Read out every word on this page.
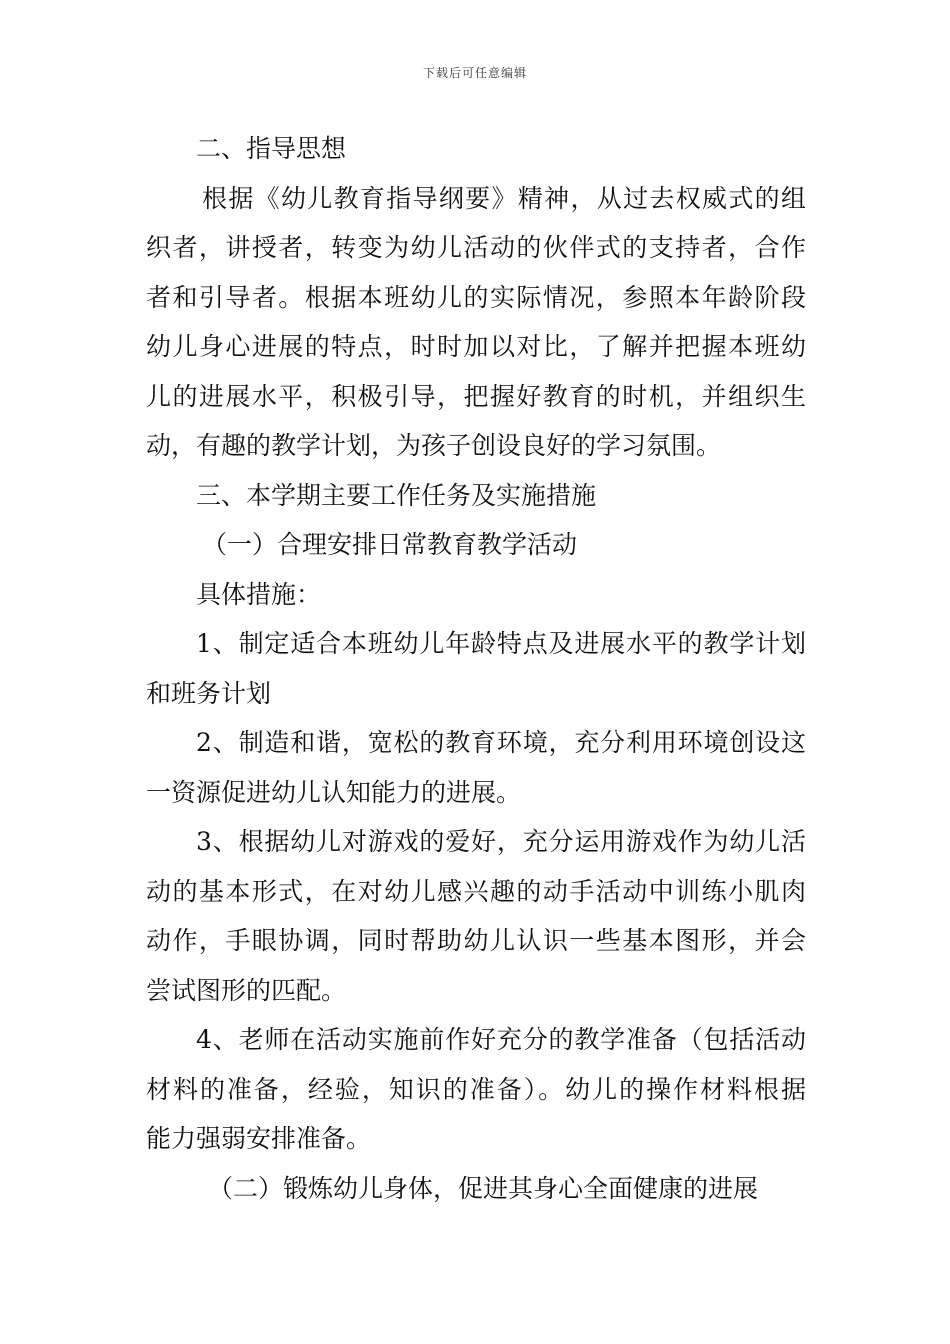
下载后可任意编辑
二、指导思想
根据《幼儿教育指导纲要》精神，从过去权威式的组
织者，讲授者，转变为幼儿活动的伙伴式的支持者，合作
者和引导者。根据本班幼儿的实际情况，参照本年龄阶段
幼儿身心进展的特点，时时加以对比，了解并把握本班幼
儿的进展水平，积极引导，把握好教育的时机，并组织生
动，有趣的教学计划，为孩子创设良好的学习氛围。
三、本学期主要工作任务及实施措施
（一）合理安排日常教育教学活动
具体措施：
1、制定适合本班幼儿年龄特点及进展水平的教学计划
和班务计划
2、制造和谐，宽松的教育环境，充分利用环境创设这
一资源促进幼儿认知能力的进展。
3、根据幼儿对游戏的爱好，充分运用游戏作为幼儿活
动的基本形式，在对幼儿感兴趣的动手活动中训练小肌肉
动作，手眼协调，同时帮助幼儿认识一些基本图形，并会
尝试图形的匹配。
4、老师在活动实施前作好充分的教学准备（包括活动
材料的准备，经验，知识的准备）。幼儿的操作材料根据
能力强弱安排准备。
（二）锻炼幼儿身体，促进其身心全面健康的进展
